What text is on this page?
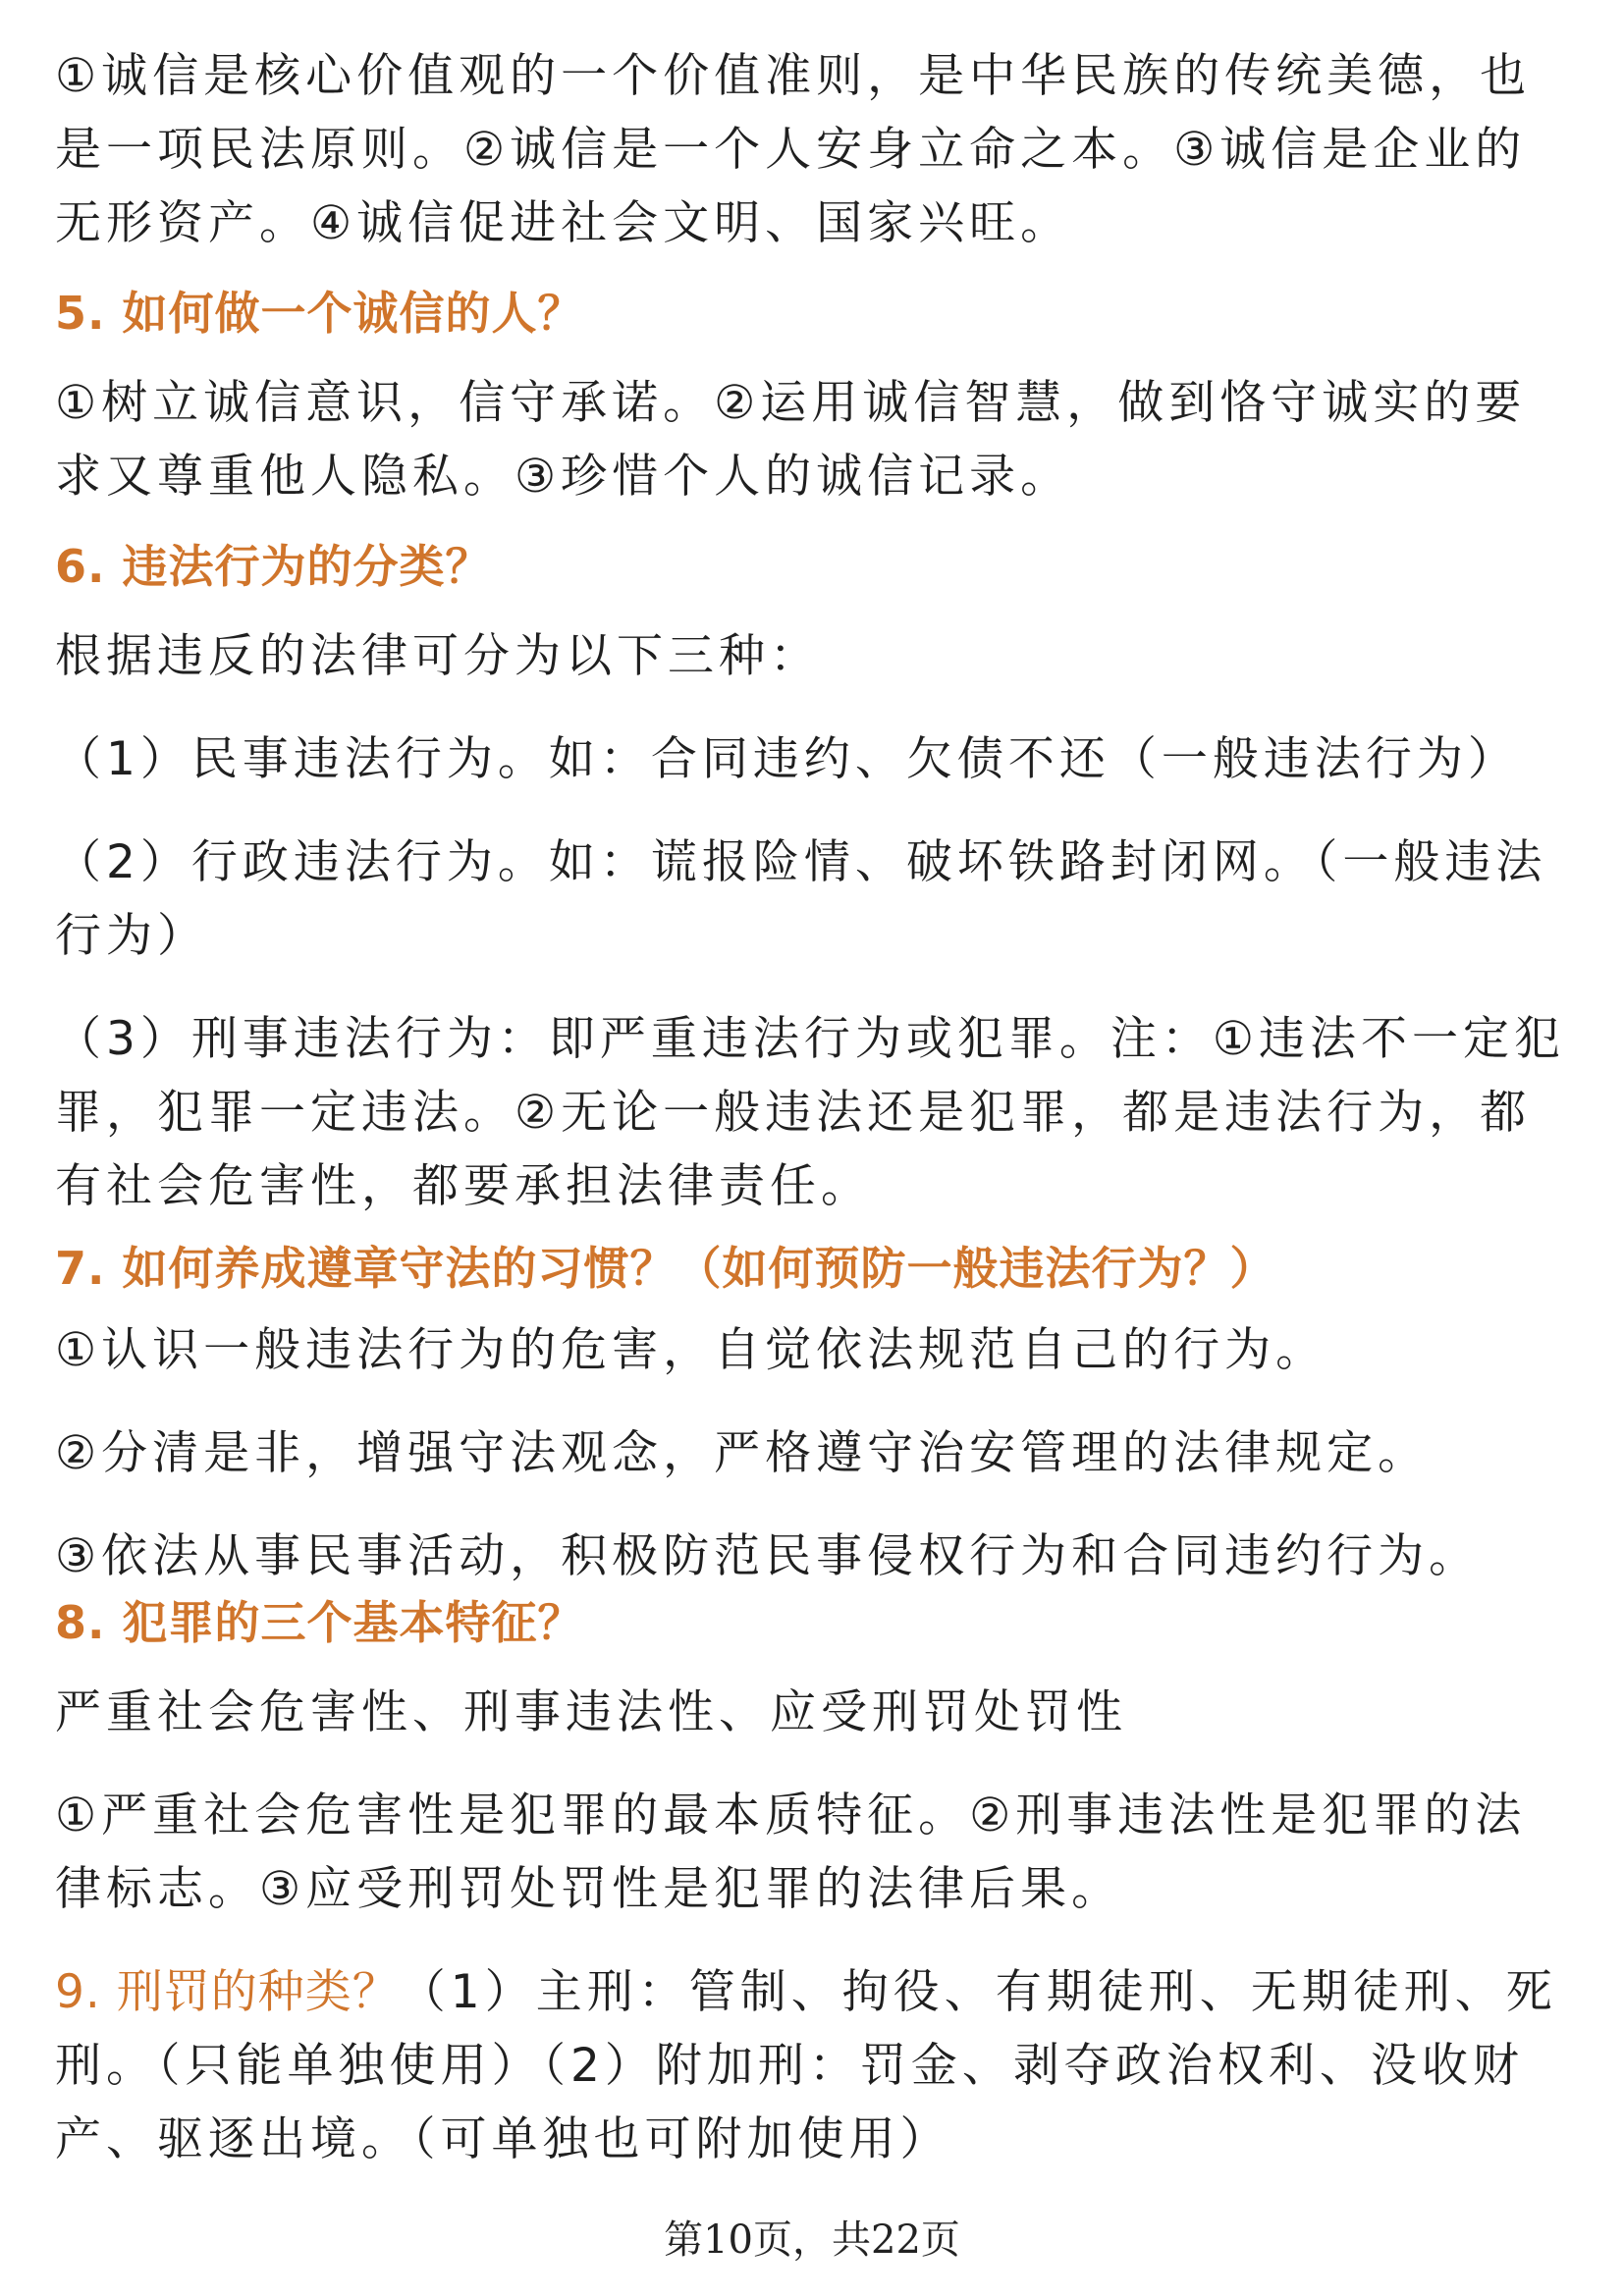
①诚信是核心价值观的一个价值准则，是中华民族的传统美德，也是一项民法原则。②诚信是一个人安身立命之本。③诚信是企业的无形资产。④诚信促进社会文明、国家兴旺。

5. 如何做一个诚信的人？

①树立诚信意识，信守承诺。②运用诚信智慧，做到恪守诚实的要求又尊重他人隐私。③珍惜个人的诚信记录。

6. 违法行为的分类？

根据违反的法律可分为以下三种：

（1）民事违法行为。如：合同违约、欠债不还（一般违法行为）

（2）行政违法行为。如：谎报险情、破坏铁路封闭网。（一般违法行为）

（3）刑事违法行为：即严重违法行为或犯罪。注：①违法不一定犯罪，犯罪一定违法。②无论一般违法还是犯罪，都是违法行为，都有社会危害性，都要承担法律责任。

7. 如何养成遵章守法的习惯？（如何预防一般违法行为？）

①认识一般违法行为的危害，自觉依法规范自己的行为。

②分清是非，增强守法观念，严格遵守治安管理的法律规定。

③依法从事民事活动，积极防范民事侵权行为和合同违约行为。

8. 犯罪的三个基本特征？

严重社会危害性、刑事违法性、应受刑罚处罚性

①严重社会危害性是犯罪的最本质特征。②刑事违法性是犯罪的法律标志。③应受刑罚处罚性是犯罪的法律后果。

9. 刑罚的种类？（1）主刑：管制、拘役、有期徒刑、无期徒刑、死刑。（只能单独使用）（2）附加刑：罚金、剥夺政治权利、没收财产、驱逐出境。（可单独也可附加使用）

第10页，共22页
